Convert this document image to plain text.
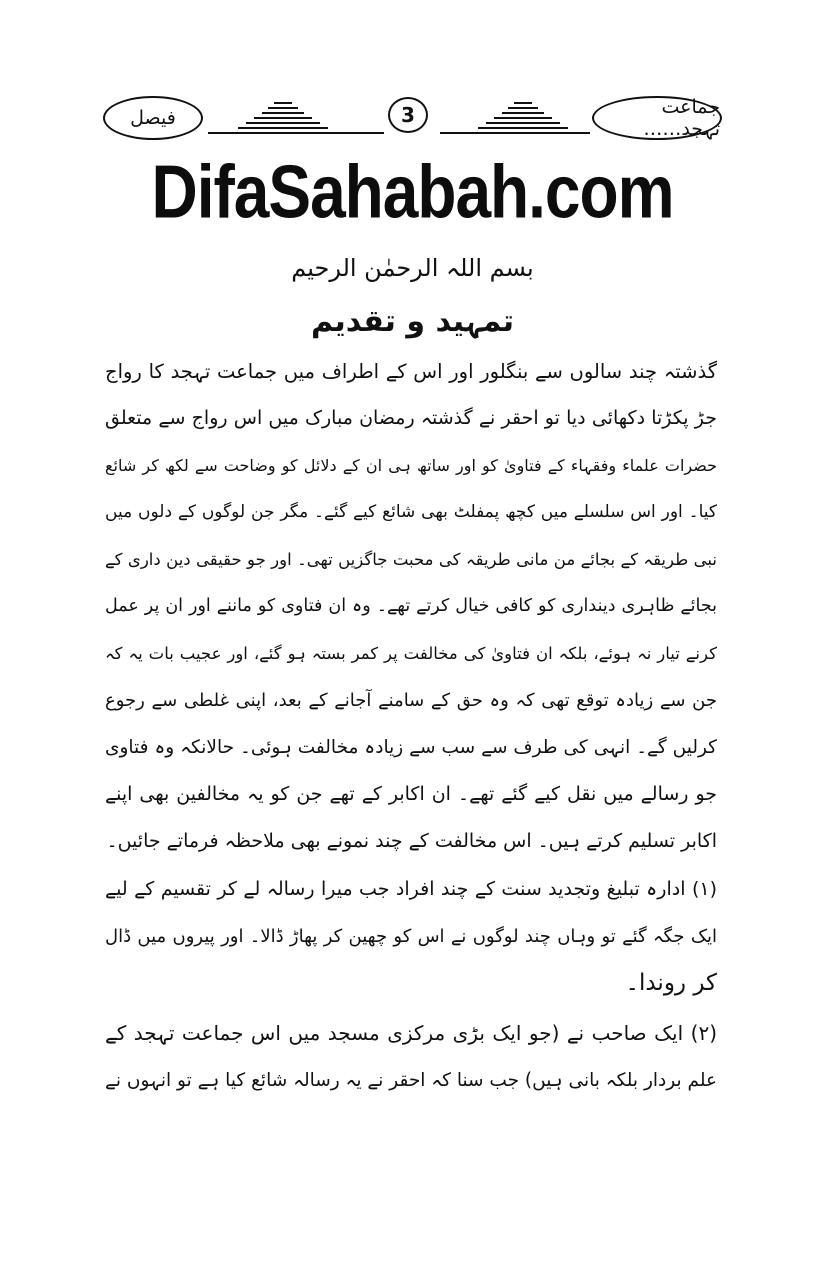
فیصل	3	جماعت تہجد……
DifaSahabah.com
بسم اللہ الرحمٰن الرحیم
تمہید و تقدیم
گذشتہ چند سالوں سے بنگلور اور اس کے اطراف میں جماعت تہجد کا رواج
جڑ پکڑتا دکھائی دیا تو احقر نے گذشتہ رمضان مبارک میں اس رواج سے متعلق
حضرات علماء وفقہاء کے فتاویٰ کو اور ساتھ ہی ان کے دلائل کو وضاحت سے لکھ کر شائع
کیا۔ اور اس سلسلے میں کچھ پمفلٹ بھی شائع کیے گئے۔ مگر جن لوگوں کے دلوں میں
نبی طریقہ کے بجائے من مانی طریقہ کی محبت جاگزیں تھی۔ اور جو حقیقی دین داری کے
بجائے ظاہری دینداری کو کافی خیال کرتے تھے۔ وہ ان فتاوی کو ماننے اور ان پر عمل
کرنے تیار نہ ہوئے، بلکہ ان فتاویٰ کی مخالفت پر کمر بستہ ہو گئے، اور عجیب بات یہ کہ
جن سے زیادہ توقع تھی کہ وہ حق کے سامنے آجانے کے بعد، اپنی غلطی سے رجوع
کرلیں گے۔ انہی کی طرف سے سب سے زیادہ مخالفت ہوئی۔ حالانکہ وہ فتاوی
جو رسالے میں نقل کیے گئے تھے۔ ان اکابر کے تھے جن کو یہ مخالفین بھی اپنے
اکابر تسلیم کرتے ہیں۔ اس مخالفت کے چند نمونے بھی ملاحظہ فرماتے جائیں۔
(۱) ادارہ تبلیغ وتجدید سنت کے چند افراد جب میرا رسالہ لے کر تقسیم کے لیے
ایک جگہ گئے تو وہاں چند لوگوں نے اس کو چھین کر پھاڑ ڈالا۔ اور پیروں میں ڈال
کر روندا۔
(۲) ایک صاحب نے (جو ایک بڑی مرکزی مسجد میں اس جماعت تہجد کے
علم بردار بلکہ بانی ہیں) جب سنا کہ احقر نے یہ رسالہ شائع کیا ہے تو انہوں نے
